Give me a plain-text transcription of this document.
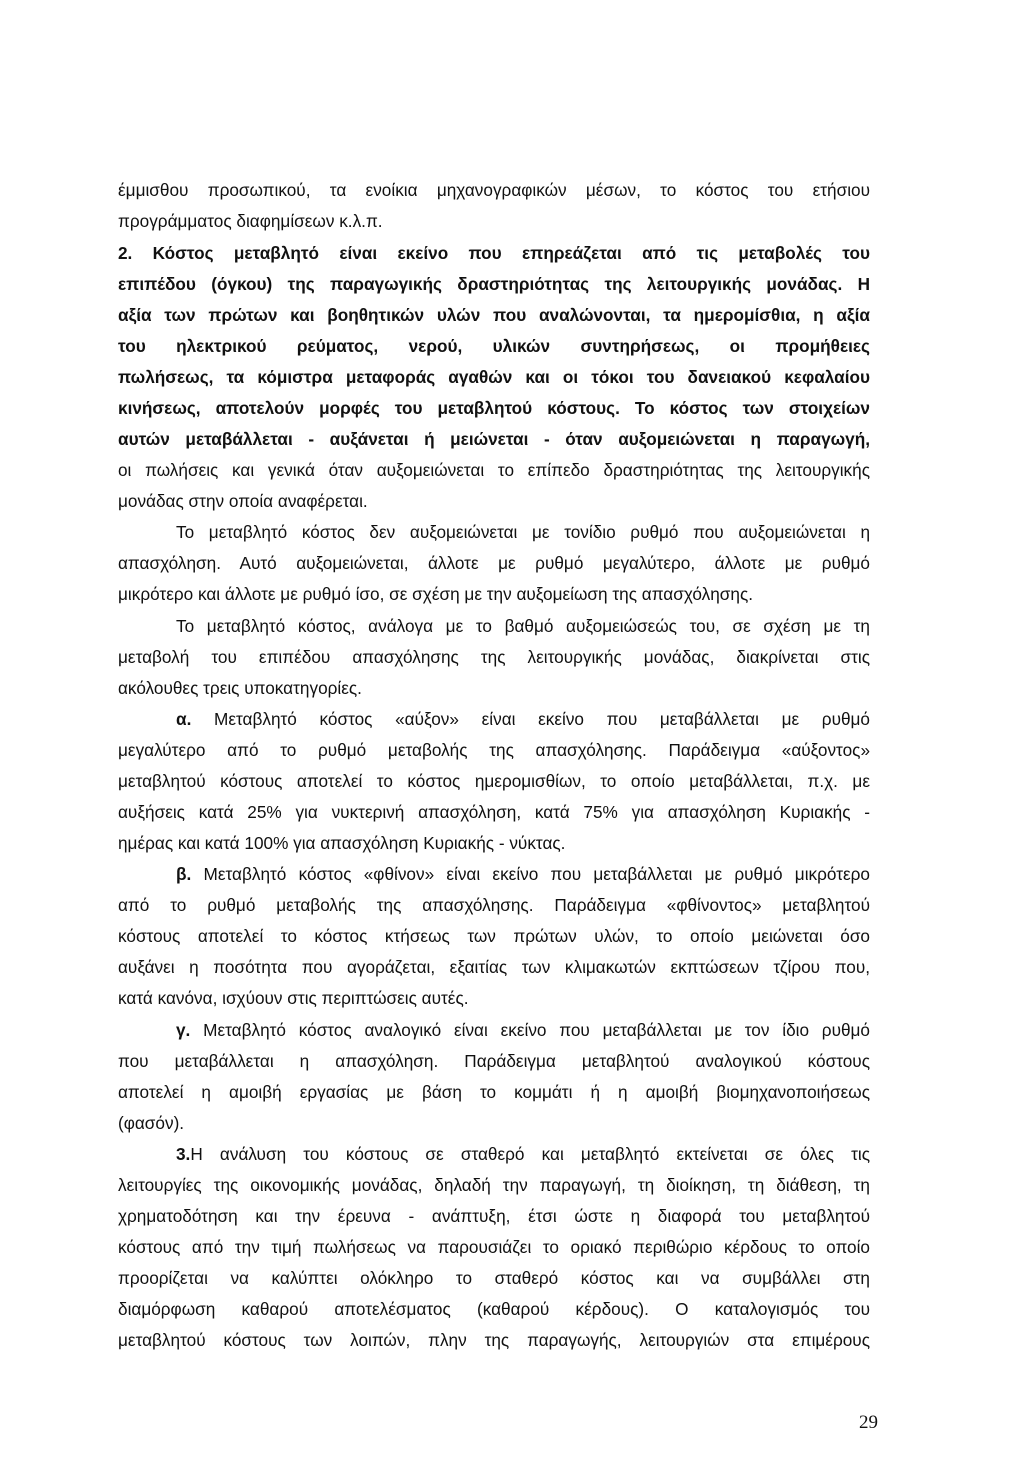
έμμισθου προσωπικού, τα ενοίκια μηχανογραφικών μέσων, το κόστος του ετήσιου
προγράμματος διαφημίσεων κ.λ.π.
2. Κόστος μεταβλητό είναι εκείνο που επηρεάζεται από τις μεταβολές του
επιπέδου (όγκου) της παραγωγικής δραστηριότητας της λειτουργικής μονάδας. Η
αξία των πρώτων και βοηθητικών υλών που αναλώνονται, τα ημερομίσθια, η αξία
του ηλεκτρικού ρεύματος, νερού, υλικών συντηρήσεως, οι προμήθειες
πωλήσεως, τα κόμιστρα μεταφοράς αγαθών και οι τόκοι του δανειακού κεφαλαίου
κινήσεως, αποτελούν μορφές του μεταβλητού κόστους. Το κόστος των στοιχείων
αυτών μεταβάλλεται - αυξάνεται ή μειώνεται - όταν αυξομειώνεται η παραγωγή,
οι πωλήσεις και γενικά όταν αυξομειώνεται το επίπεδο δραστηριότητας της λειτουργικής
μονάδας στην οποία αναφέρεται.
Το μεταβλητό κόστος δεν αυξομειώνεται με τονίδιο ρυθμό που αυξομειώνεται η
απασχόληση. Αυτό αυξομειώνεται, άλλοτε με ρυθμό μεγαλύτερο, άλλοτε με ρυθμό
μικρότερο και άλλοτε με ρυθμό ίσο, σε σχέση με την αυξομείωση της απασχόλησης.
Το μεταβλητό κόστος, ανάλογα με το βαθμό αυξομειώσεώς του, σε σχέση με τη
μεταβολή του επιπέδου απασχόλησης της λειτουργικής μονάδας, διακρίνεται στις
ακόλουθες τρεις υποκατηγορίες.
α. Μεταβλητό κόστος «αύξον» είναι εκείνο που μεταβάλλεται με ρυθμό
μεγαλύτερο από το ρυθμό μεταβολής της απασχόλησης. Παράδειγμα «αύξοντος»
μεταβλητού κόστους αποτελεί το κόστος ημερομισθίων, το οποίο μεταβάλλεται, π.χ. με
αυξήσεις κατά 25% για νυκτερινή απασχόληση, κατά 75% για απασχόληση Κυριακής -
ημέρας και κατά 100% για απασχόληση Κυριακής - νύκτας.
β. Μεταβλητό κόστος «φθίνον» είναι εκείνο που μεταβάλλεται με ρυθμό μικρότερο
από το ρυθμό μεταβολής της απασχόλησης. Παράδειγμα «φθίνοντος» μεταβλητού
κόστους αποτελεί το κόστος κτήσεως των πρώτων υλών, το οποίο μειώνεται όσο
αυξάνει η ποσότητα που αγοράζεται, εξαιτίας των κλιμακωτών εκπτώσεων τζίρου που,
κατά κανόνα, ισχύουν στις περιπτώσεις αυτές.
γ. Μεταβλητό κόστος αναλογικό είναι εκείνο που μεταβάλλεται με τον ίδιο ρυθμό
που μεταβάλλεται η απασχόληση. Παράδειγμα μεταβλητού αναλογικού κόστους
αποτελεί η αμοιβή εργασίας με βάση το κομμάτι ή η αμοιβή βιομηχανοποιήσεως
(φασόν).
3.Η ανάλυση του κόστους σε σταθερό και μεταβλητό εκτείνεται σε όλες τις
λειτουργίες της οικονομικής μονάδας, δηλαδή την παραγωγή, τη διοίκηση, τη διάθεση, τη
χρηματοδότηση και την έρευνα - ανάπτυξη, έτσι ώστε η διαφορά του μεταβλητού
κόστους από την τιμή πωλήσεως να παρουσιάζει το οριακό περιθώριο κέρδους το οποίο
προορίζεται να καλύπτει ολόκληρο το σταθερό κόστος και να συμβάλλει στη
διαμόρφωση καθαρού αποτελέσματος (καθαρού κέρδους). Ο καταλογισμός του
μεταβλητού κόστους των λοιπών, πλην της παραγωγής, λειτουργιών στα επιμέρους
29
